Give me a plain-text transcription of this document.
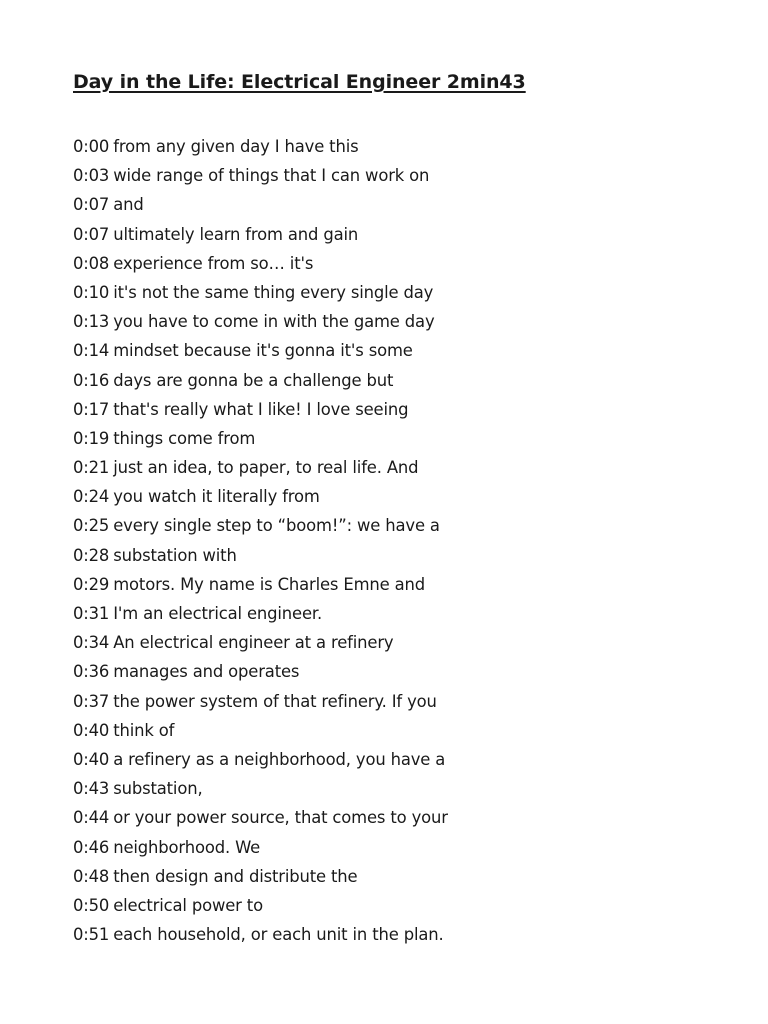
Day in the Life: Electrical Engineer 2min43
0:00 from any given day I have this
0:03 wide range of things that I can work on
0:07 and
0:07 ultimately learn from and gain
0:08 experience from so… it's
0:10 it's not the same thing every single day
0:13 you have to come in with the game day
0:14 mindset because it's gonna it's some
0:16 days are gonna be a challenge but
0:17 that's really what I like! I love seeing
0:19 things come from
0:21 just an idea, to paper, to real life. And
0:24 you watch it literally from
0:25 every single step to “boom!”: we have a
0:28 substation with
0:29 motors. My name is Charles Emne and
0:31 I'm an electrical engineer.
0:34 An electrical engineer at a refinery
0:36 manages and operates
0:37 the power system of that refinery. If you
0:40 think of
0:40 a refinery as a neighborhood, you have a
0:43 substation,
0:44 or your power source, that comes to your
0:46 neighborhood. We
0:48 then design and distribute the
0:50 electrical power to
0:51 each household, or each unit in the plan.
